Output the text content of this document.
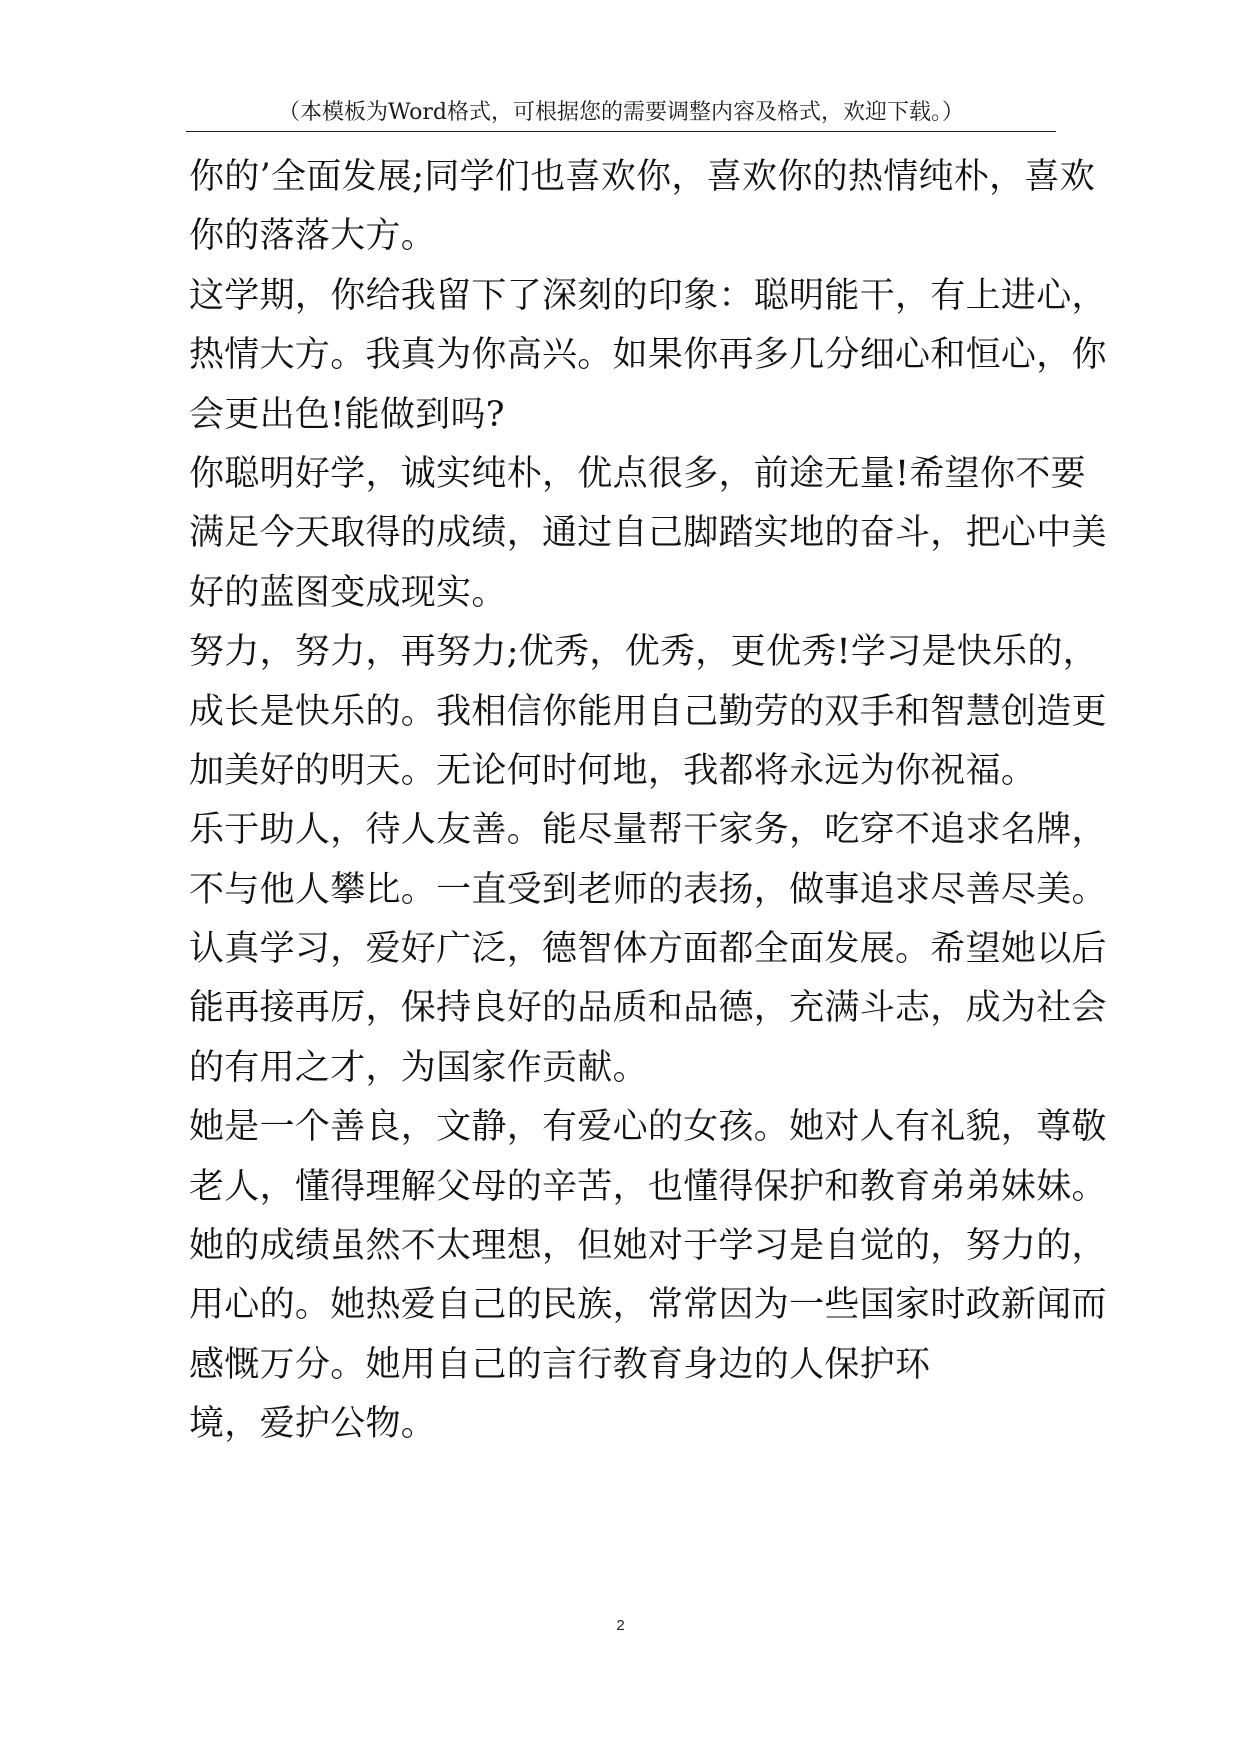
（本模板为Word格式，可根据您的需要调整内容及格式，欢迎下载。）
你的’全面发展;同学们也喜欢你，喜欢你的热情纯朴，喜欢
你的落落大方。
这学期，你给我留下了深刻的印象：聪明能干，有上进心，
热情大方。我真为你高兴。如果你再多几分细心和恒心，你
会更出色!能做到吗?
你聪明好学，诚实纯朴，优点很多，前途无量!希望你不要
满足今天取得的成绩，通过自己脚踏实地的奋斗，把心中美
好的蓝图变成现实。
努力，努力，再努力;优秀，优秀，更优秀!学习是快乐的，
成长是快乐的。我相信你能用自己勤劳的双手和智慧创造更
加美好的明天。无论何时何地，我都将永远为你祝福。
乐于助人，待人友善。能尽量帮干家务，吃穿不追求名牌，
不与他人攀比。一直受到老师的表扬，做事追求尽善尽美。
认真学习，爱好广泛，德智体方面都全面发展。希望她以后
能再接再厉，保持良好的品质和品德，充满斗志，成为社会
的有用之才，为国家作贡献。
她是一个善良，文静，有爱心的女孩。她对人有礼貌，尊敬
老人，懂得理解父母的辛苦，也懂得保护和教育弟弟妹妹。
她的成绩虽然不太理想，但她对于学习是自觉的，努力的，
用心的。她热爱自己的民族，常常因为一些国家时政新闻而
感慨万分。她用自己的言行教育身边的人保护环
境，爱护公物。
2
